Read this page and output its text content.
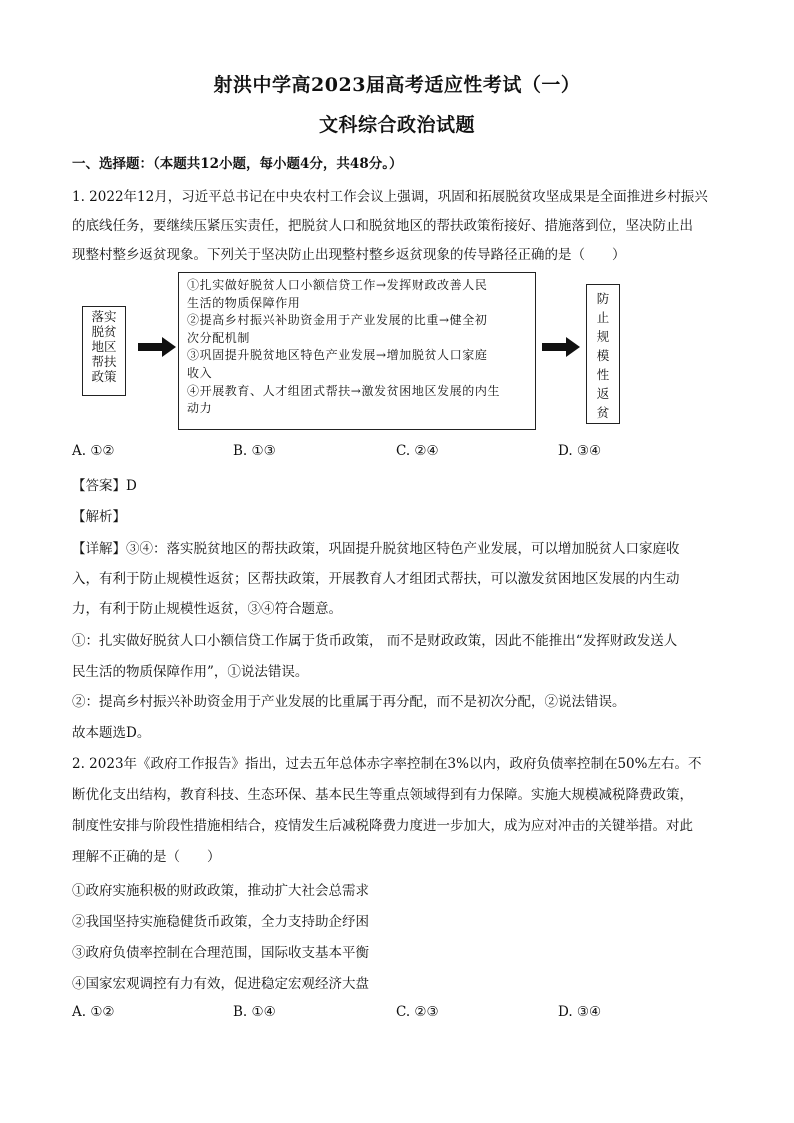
射洪中学高2023届高考适应性考试（一）
文科综合政治试题
一、选择题：（本题共12小题，每小题4分，共48分。）
1. 2022年12月，习近平总书记在中央农村工作会议上强调，巩固和拓展脱贫攻坚成果是全面推进乡村振兴
的底线任务，要继续压紧压实责任，把脱贫人口和脱贫地区的帮扶政策衔接好、措施落到位，坚决防止出
现整村整乡返贫现象。下列关于坚决防止出现整村整乡返贫现象的传导路径正确的是（　　）
落实
脱贫
地区
帮扶
政策
①扎实做好脱贫人口小额信贷工作→发挥财政改善人民
生活的物质保障作用
②提高乡村振兴补助资金用于产业发展的比重→健全初
次分配机制
③巩固提升脱贫地区特色产业发展→增加脱贫人口家庭
收入
④开展教育、人才组团式帮扶→激发贫困地区发展的内生
动力
防
止
规
模
性
返
贫
A. ①②	B. ①③	C. ②④	D. ③④
【答案】D
【解析】
【详解】③④：落实脱贫地区的帮扶政策，巩固提升脱贫地区特色产业发展，可以增加脱贫人口家庭收
入，有利于防止规模性返贫；区帮扶政策，开展教育人才组团式帮扶，可以激发贫困地区发展的内生动
力，有利于防止规模性返贫，③④符合题意。
①：扎实做好脱贫人口小额信贷工作属于货币政策， 而不是财政政策，因此不能推出“发挥财政发送人
民生活的物质保障作用”，①说法错误。
②：提高乡村振兴补助资金用于产业发展的比重属于再分配，而不是初次分配，②说法错误。
故本题选D。
2. 2023年《政府工作报告》指出，过去五年总体赤字率控制在3%以内，政府负债率控制在50%左右。不
断优化支出结构，教育科技、生态环保、基本民生等重点领域得到有力保障。实施大规模减税降费政策，
制度性安排与阶段性措施相结合，疫情发生后减税降费力度进一步加大，成为应对冲击的关键举措。对此
理解不正确的是（　　）
①政府实施积极的财政政策，推动扩大社会总需求
②我国坚持实施稳健货币政策，全力支持助企纾困
③政府负债率控制在合理范围，国际收支基本平衡
④国家宏观调控有力有效，促进稳定宏观经济大盘
A. ①②	B. ①④	C. ②③	D. ③④
